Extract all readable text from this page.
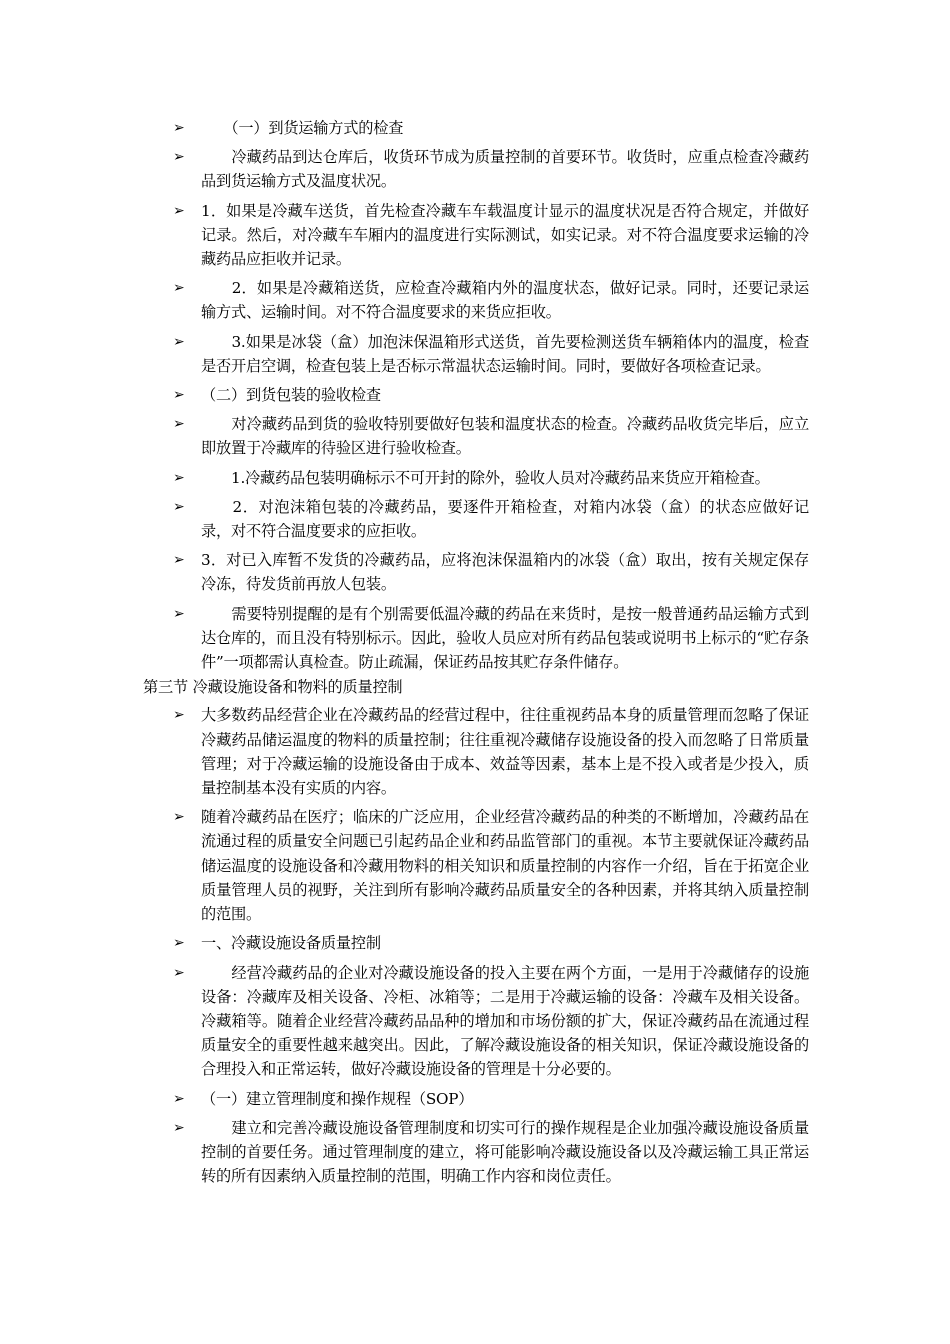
➢ 　　（一）到货运输方式的检查
➢ 　　冷藏药品到达仓库后，收货环节成为质量控制的首要环节。收货时，应重点检查冷藏药品到货运输方式及温度状况。
➢ 1．如果是冷藏车送货，首先检查冷藏车车载温度计显示的温度状况是否符合规定，并做好记录。然后，对冷藏车车厢内的温度进行实际测试，如实记录。对不符合温度要求运输的冷藏药品应拒收并记录。
➢ 　　2．如果是冷藏箱送货，应检查冷藏箱内外的温度状态，做好记录。同时，还要记录运输方式、运输时间。对不符合温度要求的来货应拒收。
➢ 　　3.如果是冰袋（盒）加泡沫保温箱形式送货，首先要检测送货车辆箱体内的温度，检查是否开启空调，检查包装上是否标示常温状态运输时间。同时，要做好各项检查记录。
➢ （二）到货包装的验收检查
➢ 　　对冷藏药品到货的验收特别要做好包装和温度状态的检查。冷藏药品收货完毕后，应立即放置于冷藏库的待验区进行验收检查。
➢ 　　1.冷藏药品包装明确标示不可开封的除外，验收人员对冷藏药品来货应开箱检查。
➢ 　　2．对泡沫箱包装的冷藏药品，要逐件开箱检查，对箱内冰袋（盒）的状态应做好记录，对不符合温度要求的应拒收。
➢ 3．对已入库暂不发货的冷藏药品，应将泡沫保温箱内的冰袋（盒）取出，按有关规定保存冷冻，待发货前再放人包装。
➢ 　　需要特别提醒的是有个别需要低温冷藏的药品在来货时，是按一般普通药品运输方式到达仓库的，而且没有特别标示。因此，验收人员应对所有药品包装或说明书上标示的“贮存条件”一项都需认真检查。防止疏漏，保证药品按其贮存条件储存。
第三节 冷藏设施设备和物料的质量控制
➢ 大多数药品经营企业在冷藏药品的经营过程中，往往重视药品本身的质量管理而忽略了保证冷藏药品储运温度的物料的质量控制；往往重视冷藏储存设施设备的投入而忽略了日常质量管理；对于冷藏运输的设施设备由于成本、效益等因素，基本上是不投入或者是少投入，质量控制基本没有实质的内容。
➢ 随着冷藏药品在医疗；临床的广泛应用，企业经营冷藏药品的种类的不断增加，冷藏药品在流通过程的质量安全问题已引起药品企业和药品监管部门的重视。本节主要就保证冷藏药品储运温度的设施设备和冷藏用物料的相关知识和质量控制的内容作一介绍，旨在于拓宽企业质量管理人员的视野，关注到所有影响冷藏药品质量安全的各种因素，并将其纳入质量控制的范围。
➢ 一、冷藏设施设备质量控制
➢ 　　经营冷藏药品的企业对冷藏设施设备的投入主要在两个方面，一是用于冷藏储存的设施设备：冷藏库及相关设备、冷柜、冰箱等；二是用于冷藏运输的设备：冷藏车及相关设备。冷藏箱等。随着企业经营冷藏药品品种的增加和市场份额的扩大，保证冷藏药品在流通过程质量安全的重要性越来越突出。因此，了解冷藏设施设备的相关知识，保证冷藏设施设备的合理投入和正常运转，做好冷藏设施设备的管理是十分必要的。
➢ （一）建立管理制度和操作规程（SOP）
➢ 　　建立和完善冷藏设施设备管理制度和切实可行的操作规程是企业加强冷藏设施设备质量控制的首要任务。通过管理制度的建立，将可能影响冷藏设施设备以及冷藏运输工具正常运转的所有因素纳入质量控制的范围，明确工作内容和岗位责任。
